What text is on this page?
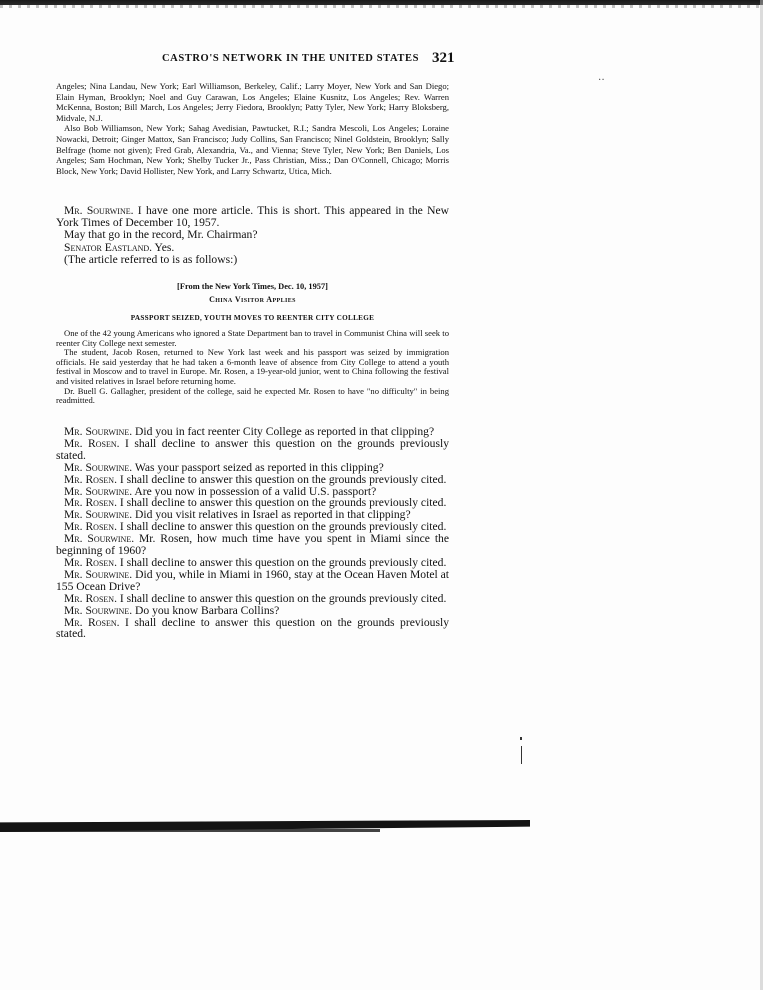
CASTRO'S NETWORK IN THE UNITED STATES 321
․․

Angeles; Nina Landau, New York; Earl Williamson, Berkeley, Calif.; Larry Moyer, New York and San Diego; Elain Hyman, Brooklyn; Noel and Guy Carawan, Los Angeles; Elaine Kusnitz, Los Angeles; Rev. Warren McKenna, Boston; Bill March, Los Angeles; Jerry Fiedora, Brooklyn; Patty Tyler, New York; Harry Bloksberg, Midvale, N.J.

Also Bob Williamson, New York; Sahag Avedisian, Pawtucket, R.I.; Sandra Mescoli, Los Angeles; Loraine Nowacki, Detroit; Ginger Mattox, San Francisco; Judy Collins, San Francisco; Ninel Goldstein, Brooklyn; Sally Belfrage (home not given); Fred Grab, Alexandria, Va., and Vienna; Steve Tyler, New York; Ben Daniels, Los Angeles; Sam Hochman, New York; Shelby Tucker Jr., Pass Christian, Miss.; Dan O'Connell, Chicago; Morris Block, New York; David Hollister, New York, and Larry Schwartz, Utica, Mich.

Mr. Sourwine. I have one more article. This is short. This appeared in the New York Times of December 10, 1957.

May that go in the record, Mr. Chairman?

Senator Eastland. Yes.

(The article referred to is as follows:)

[From the New York Times, Dec. 10, 1957]
China Visitor Applies
PASSPORT SEIZED, YOUTH MOVES TO REENTER CITY COLLEGE

One of the 42 young Americans who ignored a State Department ban to travel in Communist China will seek to reenter City College next semester.

The student, Jacob Rosen, returned to New York last week and his passport was seized by immigration officials. He said yesterday that he had taken a 6-month leave of absence from City College to attend a youth festival in Moscow and to travel in Europe. Mr. Rosen, a 19-year-old junior, went to China following the festival and visited relatives in Israel before returning home.

Dr. Buell G. Gallagher, president of the college, said he expected Mr. Rosen to have "no difficulty" in being readmitted.

Mr. Sourwine. Did you in fact reenter City College as reported in that clipping?

Mr. Rosen. I shall decline to answer this question on the grounds previously stated.

Mr. Sourwine. Was your passport seized as reported in this clipping?

Mr. Rosen. I shall decline to answer this question on the grounds previously cited.

Mr. Sourwine. Are you now in possession of a valid U.S. passport?

Mr. Rosen. I shall decline to answer this question on the grounds previously cited.

Mr. Sourwine. Did you visit relatives in Israel as reported in that clipping?

Mr. Rosen. I shall decline to answer this question on the grounds previously cited.

Mr. Sourwine. Mr. Rosen, how much time have you spent in Miami since the beginning of 1960?

Mr. Rosen. I shall decline to answer this question on the grounds previously cited.

Mr. Sourwine. Did you, while in Miami in 1960, stay at the Ocean Haven Motel at 155 Ocean Drive?

Mr. Rosen. I shall decline to answer this question on the grounds previously cited.

Mr. Sourwine. Do you know Barbara Collins?

Mr. Rosen. I shall decline to answer this question on the grounds previously stated.
